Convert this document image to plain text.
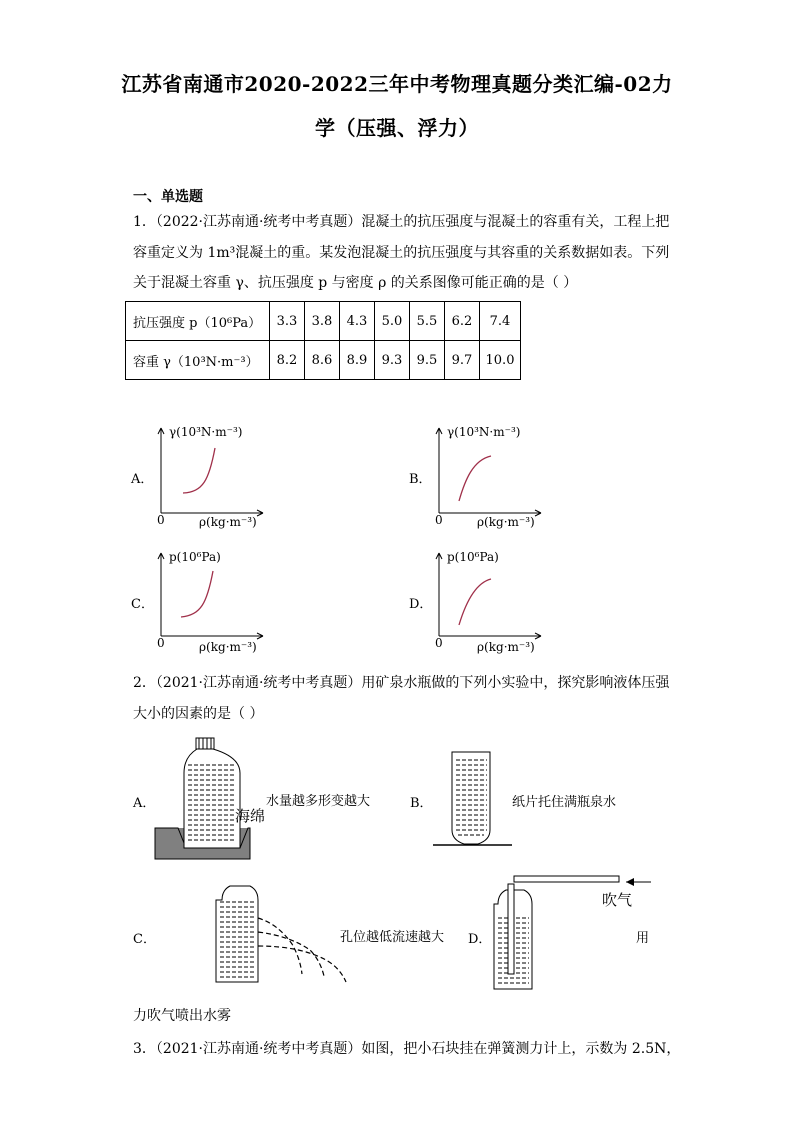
江苏省南通市2020-2022三年中考物理真题分类汇编-02力
学（压强、浮力）
一、单选题
1．（2022·江苏南通·统考中考真题）混凝土的抗压强度与混凝土的容重有关，工程上把
容重定义为 1m³混凝土的重。某发泡混凝土的抗压强度与其容重的关系数据如表。下列
关于混凝土容重 γ、抗压强度 p 与密度 ρ 的关系图像可能正确的是（ ）
抗压强度 p（10⁶Pa）	3.3	3.8	4.3	5.0	5.5	6.2	7.4
容重 γ（10³N·m⁻³）	8.2	8.6	8.9	9.3	9.5	9.7	10.0
A．
γ(10³N·m⁻³)
ρ(kg·m⁻³)
0
B．
γ(10³N·m⁻³)
ρ(kg·m⁻³)
0
C．
p(10⁶Pa)
ρ(kg·m⁻³)
0
D．
p(10⁶Pa)
ρ(kg·m⁻³)
0
2．（2021·江苏南通·统考中考真题）用矿泉水瓶做的下列小实验中，探究影响液体压强
大小的因素的是（ ）
A．
海绵
水量越多形变越大	B．	纸片托住满瓶泉水
C．	孔位越低流速越大 D．
吹气
用
力吹气喷出水雾
3．（2021·江苏南通·统考中考真题）如图，把小石块挂在弹簧测力计上，示数为 2.5N，
